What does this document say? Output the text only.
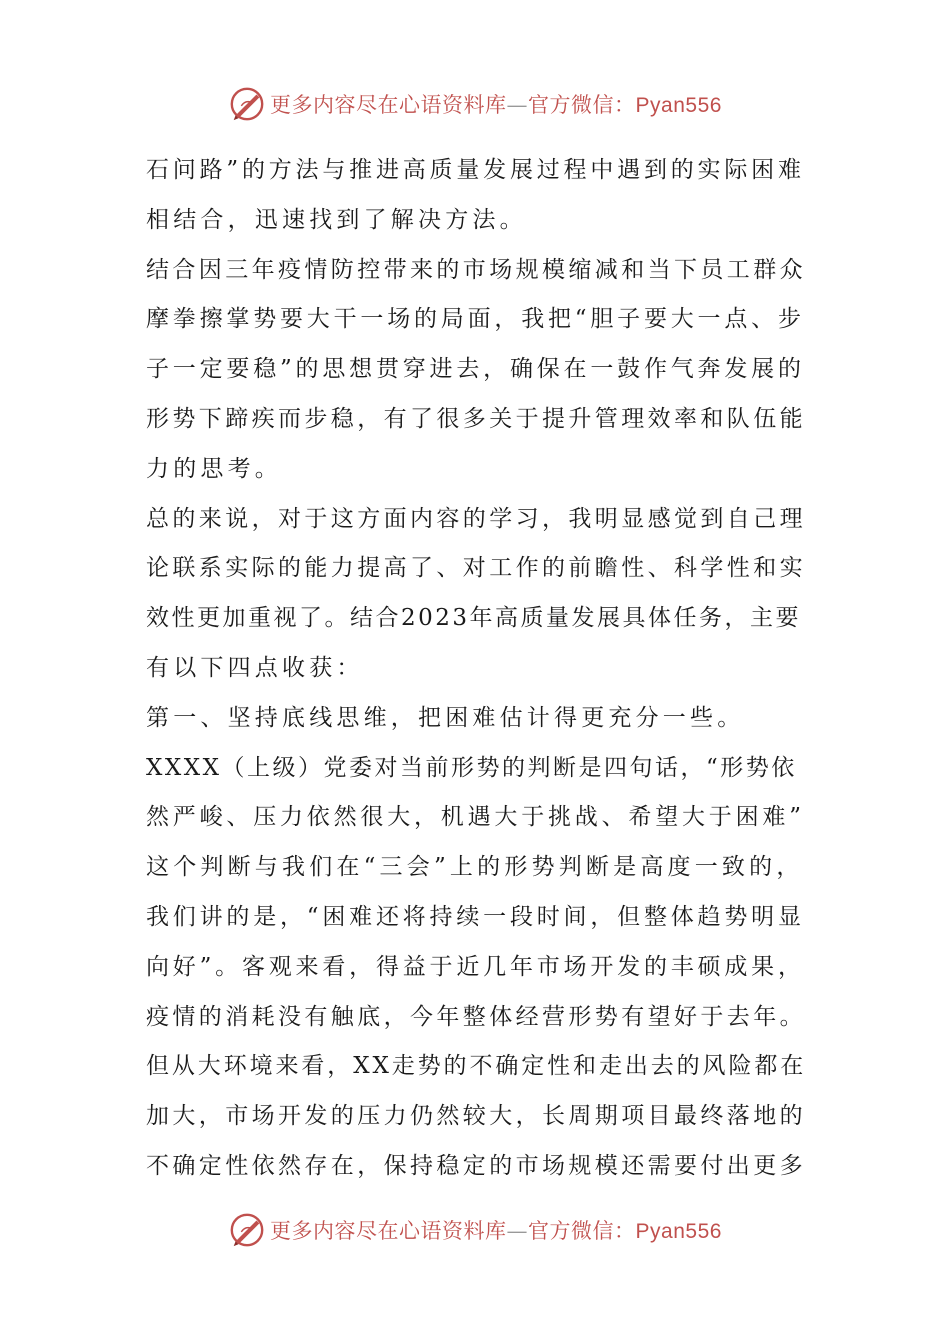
更多内容尽在心语资料库—官方微信：Pyan556
石问路”的方法与推进高质量发展过程中遇到的实际困难
相结合，迅速找到了解决方法。
结合因三年疫情防控带来的市场规模缩减和当下员工群众
摩拳擦掌势要大干一场的局面，我把“胆子要大一点、步
子一定要稳”的思想贯穿进去，确保在一鼓作气奔发展的
形势下蹄疾而步稳，有了很多关于提升管理效率和队伍能
力的思考。
总的来说，对于这方面内容的学习，我明显感觉到自己理
论联系实际的能力提高了、对工作的前瞻性、科学性和实
效性更加重视了。结合2023年高质量发展具体任务，主要
有以下四点收获：
第一、坚持底线思维，把困难估计得更充分一些。
XXXX（上级）党委对当前形势的判断是四句话，“形势依
然严峻、压力依然很大，机遇大于挑战、希望大于困难”
这个判断与我们在“三会”上的形势判断是高度一致的，
我们讲的是，“困难还将持续一段时间，但整体趋势明显
向好”。客观来看，得益于近几年市场开发的丰硕成果，
疫情的消耗没有触底，今年整体经营形势有望好于去年。
但从大环境来看，XX走势的不确定性和走出去的风险都在
加大，市场开发的压力仍然较大，长周期项目最终落地的
不确定性依然存在，保持稳定的市场规模还需要付出更多
更多内容尽在心语资料库—官方微信：Pyan556
